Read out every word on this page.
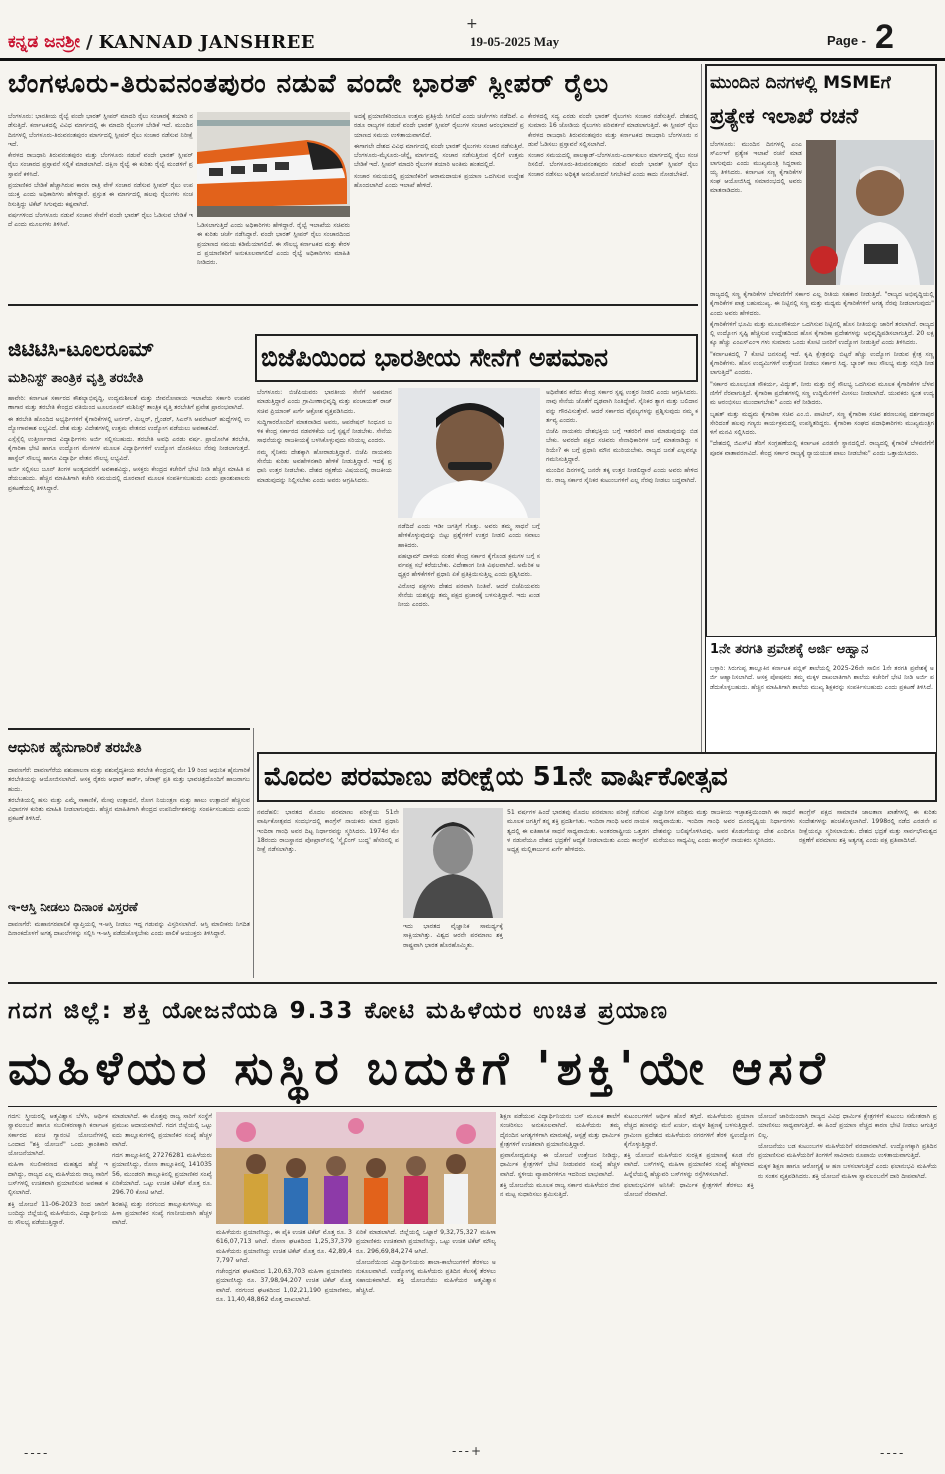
ಕನ್ನಡ ಜನಶ್ರೀ / KANNAD JANSHREE
+
19-05-2025 May	Page - 2
ಬೆಂಗಳೂರು-ತಿರುವನಂತಪುರಂ ನಡುವೆ ವಂದೇ ಭಾರತ್ ಸ್ಲೀಪರ್ ರೈಲು

ಬೆಂಗಳೂರು: ಭಾರತೀಯ ರೈಲ್ವೆ ವಂದೇ ಭಾರತ್ ಸ್ಲೀಪರ್ ಮಾದರಿ ರೈಲು ಸಂಚಾರಕ್ಕೆ ತಯಾರಿ ನಡೆಸುತ್ತಿದೆ. ಕರ್ನಾಟಕದಲ್ಲಿ ವಿವಿಧ ಮಾರ್ಗದಲ್ಲಿ ಈ ಮಾದರಿ ರೈಲುಗಳ ಬೇಡಿಕೆ ಇದೆ. ಮುಂದಿನ ದಿನಗಳಲ್ಲಿ ಬೆಂಗಳೂರು-ತಿರುವನಂತಪುರಂ ಮಾರ್ಗದಲ್ಲಿ ಸ್ಲೀಪರ್ ರೈಲು ಸಂಚಾರ ನಡೆಸುವ ನಿರೀಕ್ಷೆ ಇದೆ.

ಕೇರಳದ ರಾಜಧಾನಿ ತಿರುವನಂತಪುರಂ ಮತ್ತು ಬೆಂಗಳೂರು ನಡುವೆ ವಂದೇ ಭಾರತ್ ಸ್ಲೀಪರ್ ರೈಲು ಸಂಚಾರದ ಪ್ರಸ್ತಾವನೆ ಸಲ್ಲಿಕೆ ಮಾಡಲಾಗಿದೆ. ದಕ್ಷಿಣ ರೈಲ್ವೆ ಈ ಕುರಿತು ರೈಲ್ವೆ ಮಂಡಳಿಗೆ ಪ್ರಸ್ತಾವನೆ ಕಳಿಸಿದೆ.

ಪ್ರಯಾಣಿಕರ ಬೇಡಿಕೆ ಹೆಚ್ಚಾಗಿರುವ ಕಾರಣ ರಾತ್ರಿ ವೇಳೆ ಸಂಚಾರ ನಡೆಸುವ ಸ್ಲೀಪರ್ ರೈಲು ಉಪಯುಕ್ತ ಎಂದು ಅಧಿಕಾರಿಗಳು ಹೇಳಿದ್ದಾರೆ. ಪ್ರಸ್ತುತ ಈ ಮಾರ್ಗದಲ್ಲಿ ಹಲವು ರೈಲುಗಳು ಸಂಚರಿಸುತ್ತಿದ್ದು ಟಿಕೆಟ್ ಸಿಗುವುದು ಕಷ್ಟವಾಗಿದೆ.

ವರ್ಷಗಳಿಂದ ಬೆಂಗಳೂರು ನಡುವೆ ಸಂಚಾರ ಸೇವೆಗೆ ವಂದೇ ಭಾರತ್ ರೈಲು ಓಡಿಸುವ ಬೇಡಿಕೆ ಇದೆ ಎಂದು ಮೂಲಗಳು ತಿಳಿಸಿವೆ.	ಓಡಿಸಲಾಗುತ್ತಿದೆ ಎಂದು ಅಧಿಕಾರಿಗಳು ಹೇಳಿದ್ದಾರೆ. ರೈಲ್ವೆ ಇಲಾಖೆಯ ಸಚಿವರು ಈ ಕುರಿತು ಚರ್ಚೆ ನಡೆಸಿದ್ದಾರೆ. ವಂದೇ ಭಾರತ್ ಸ್ಲೀಪರ್ ರೈಲು ಸಂಚಾರದಿಂದ ಪ್ರಯಾಣದ ಸಮಯ ಕಡಿಮೆಯಾಗಲಿದೆ. ಈ ಸೌಲಭ್ಯ ಕರ್ನಾಟಕದ ಮತ್ತು ಕೇರಳದ ಪ್ರಯಾಣಿಕರಿಗೆ ಅನುಕೂಲವಾಗಲಿದೆ ಎಂದು ರೈಲ್ವೆ ಅಧಿಕಾರಿಗಳು ಮಾಹಿತಿ ನೀಡಿದರು.

ಅದಕ್ಕೆ ಪ್ರಯಾಣಿಕರಿಂದಲೂ ಉತ್ತಮ ಪ್ರತಿಕ್ರಿಯೆ ಸಿಗಲಿದೆ ಎಂದು ಚರ್ಚೆಗಳು ನಡೆದಿವೆ. ಎರಡೂ ರಾಜ್ಯಗಳ ನಡುವೆ ವಂದೇ ಭಾರತ್ ಸ್ಲೀಪರ್ ರೈಲುಗಳ ಸಂಚಾರ ಆರಂಭವಾದರೆ ಪ್ರಯಾಣದ ಸಮಯ ಉಳಿತಾಯವಾಗಲಿದೆ.

ಈಗಾಗಲೇ ದೇಶದ ವಿವಿಧ ಮಾರ್ಗದಲ್ಲಿ ವಂದೇ ಭಾರತ್ ರೈಲುಗಳು ಸಂಚಾರ ನಡೆಸುತ್ತಿವೆ. ಬೆಂಗಳೂರು-ಮೈಸೂರು-ಚೆನ್ನೈ ಮಾರ್ಗದಲ್ಲಿ ಸಂಚಾರ ನಡೆಸುತ್ತಿರುವ ರೈಲಿಗೆ ಉತ್ತಮ ಬೇಡಿಕೆ ಇದೆ. ಸ್ಲೀಪರ್ ಮಾದರಿ ರೈಲುಗಳ ತಯಾರಿ ಅಂತಿಮ ಹಂತದಲ್ಲಿದೆ.

ಸಂಚಾರ ಸಮಯದಲ್ಲಿ ಪ್ರಯಾಣಿಕರಿಗೆ ಆರಾಮದಾಯಕ ಪ್ರಯಾಣ ಒದಗಿಸುವ ಉದ್ದೇಶ ಹೊಂದಲಾಗಿದೆ ಎಂದು ಇಲಾಖೆ ಹೇಳಿದೆ.

ಕೇರಳದಲ್ಲಿ ಸದ್ಯ ಎರಡು ವಂದೇ ಭಾರತ್ ರೈಲುಗಳು ಸಂಚಾರ ನಡೆಸುತ್ತಿವೆ. ದೇಶದಲ್ಲಿ ಸುಮಾರು 16 ಜೋಡಿಯ ರೈಲುಗಳು ಪರಿವರ್ತನೆ ಮಾಡಲಾಗುತ್ತಿದೆ. ಈ ಸ್ಲೀಪರ್ ರೈಲು ಕೇರಳದ ರಾಜಧಾನಿ ತಿರುವನಂತಪುರಂ ಮತ್ತು ಕರ್ನಾಟಕದ ರಾಜಧಾನಿ ಬೆಂಗಳೂರು ನಡುವೆ ಓಡಿಸಲು ಪ್ರಸ್ತಾವನೆ ಸಲ್ಲಿಸಲಾಗಿದೆ.

ಸಂಚಾರ ಸಮಯದಲ್ಲಿ ಪಾಲಕ್ಕಾಡ್-ಬೆಂಗಳೂರು-ಎರ್ನಾಕುಲಂ ಮಾರ್ಗದಲ್ಲಿ ರೈಲು ಸಂಚರಿಸಲಿದೆ. ಬೆಂಗಳೂರು-ತಿರುವನಂತಪುರಂ ನಡುವೆ ವಂದೇ ಭಾರತ್ ಸ್ಲೀಪರ್ ರೈಲು ಸಂಚಾರ ನಡೆಸಲು ಅಧಿಕೃತ ಅನುಮೋದನೆ ಸಿಗಬೇಕಿದೆ ಎಂದು ಕಾದು ನೋಡಬೇಕಿದೆ.

ಮುಂದಿನ ದಿನಗಳಲ್ಲಿ MSMEಗೆ
ಪ್ರತ್ಯೇಕ ಇಲಾಖೆ ರಚನೆ

ಬೆಂಗಳೂರು: ಮುಂದಿನ ದಿನಗಳಲ್ಲಿ ಎಂಎಸ್‌ಎಂಇಗೆ ಪ್ರತ್ಯೇಕ ಇಲಾಖೆ ರಚನೆ ಮಾಡಲಾಗುವುದು ಎಂದು ಮುಖ್ಯಮಂತ್ರಿ ಸಿದ್ದರಾಮಯ್ಯ ತಿಳಿಸಿದರು. ಕರ್ನಾಟಕ ಸಣ್ಣ ಕೈಗಾರಿಕೆಗಳ ಸಂಘ ಆಯೋಜಿಸಿದ್ದ ಸಮಾರಂಭದಲ್ಲಿ ಅವರು ಮಾತನಾಡಿದರು.

ರಾಜ್ಯದಲ್ಲಿ ಸಣ್ಣ ಕೈಗಾರಿಕೆಗಳ ಬೆಳವಣಿಗೆಗೆ ಸರ್ಕಾರ ಎಲ್ಲ ರೀತಿಯ ಸಹಕಾರ ನೀಡುತ್ತಿದೆ. "ರಾಜ್ಯದ ಅಭಿವೃದ್ಧಿಯಲ್ಲಿ ಕೈಗಾರಿಕೆಗಳ ಪಾತ್ರ ಬಹುಮುಖ್ಯ. ಈ ನಿಟ್ಟಿನಲ್ಲಿ ಸಣ್ಣ ಮತ್ತು ಮಧ್ಯಮ ಕೈಗಾರಿಕೆಗಳಿಗೆ ಅಗತ್ಯ ನೆರವು ನೀಡಲಾಗುವುದು" ಎಂದು ಅವರು ಹೇಳಿದರು.

ಕೈಗಾರಿಕೆಗಳಿಗೆ ಭೂಮಿ ಮತ್ತು ಮೂಲಸೌಕರ್ಯ ಒದಗಿಸುವ ನಿಟ್ಟಿನಲ್ಲಿ ಹೊಸ ನೀತಿಯನ್ನು ಜಾರಿಗೆ ತರಲಾಗಿದೆ. ರಾಜ್ಯದಲ್ಲಿ ಉದ್ಯೋಗ ಸೃಷ್ಟಿ ಹೆಚ್ಚಿಸುವ ಉದ್ದೇಶದಿಂದ ಹೊಸ ಕೈಗಾರಿಕಾ ಪ್ರದೇಶಗಳನ್ನು ಅಭಿವೃದ್ಧಿಪಡಿಸಲಾಗುತ್ತಿದೆ. 20 ಲಕ್ಷಕ್ಕೂ ಹೆಚ್ಚು ಎಂಎಸ್‌ಎಂಇ ಗಳು ಸುಮಾರು ಒಂದು ಕೋಟಿ ಜನರಿಗೆ ಉದ್ಯೋಗ ನೀಡುತ್ತಿವೆ ಎಂದು ತಿಳಿಸಿದರು.

"ಕರ್ನಾಟಕದಲ್ಲಿ 7 ಕೋಟಿ ಜನಸಂಖ್ಯೆ ಇದೆ. ಕೃಷಿ ಕ್ಷೇತ್ರವನ್ನು ಬಿಟ್ಟರೆ ಹೆಚ್ಚು ಉದ್ಯೋಗ ನೀಡುವ ಕ್ಷೇತ್ರ ಸಣ್ಣ ಕೈಗಾರಿಕೆಗಳು. ಹೊಸ ಉದ್ಯಮಿಗಳಿಗೆ ಉತ್ತೇಜನ ನೀಡಲು ಸರ್ಕಾರ ಸಿದ್ಧ. ಬ್ಯಾಂಕ್ ಸಾಲ ಸೌಲಭ್ಯ ಮತ್ತು ಸಬ್ಸಿಡಿ ನೀಡಲಾಗುತ್ತಿದೆ" ಎಂದರು.

"ಸರ್ಕಾರ ಮೂಲಭೂತ ಸೌಕರ್ಯ, ವಿದ್ಯುತ್, ನೀರು ಮತ್ತು ರಸ್ತೆ ಸೌಲಭ್ಯ ಒದಗಿಸುವ ಮೂಲಕ ಕೈಗಾರಿಕೆಗಳ ಬೆಳವಣಿಗೆಗೆ ನೆರವಾಗುತ್ತಿದೆ. ಕೈಗಾರಿಕಾ ಪ್ರದೇಶಗಳಲ್ಲಿ ಸಣ್ಣ ಉದ್ದಿಮೆಗಳಿಗೆ ಮೀಸಲು ನೀಡಲಾಗಿದೆ. ಯುವಕರು ಸ್ವಂತ ಉದ್ಯಮ ಆರಂಭಿಸಲು ಮುಂದಾಗಬೇಕು" ಎಂದು ಕರೆ ನೀಡಿದರು.

ಬೃಹತ್ ಮತ್ತು ಮಧ್ಯಮ ಕೈಗಾರಿಕಾ ಸಚಿವ ಎಂ.ಬಿ. ಪಾಟೀಲ್, ಸಣ್ಣ ಕೈಗಾರಿಕಾ ಸಚಿವ ಶರಣಬಸಪ್ಪ ದರ್ಶನಾಪುರ ಸೇರಿದಂತೆ ಹಲವು ಗಣ್ಯರು ಕಾರ್ಯಕ್ರಮದಲ್ಲಿ ಉಪಸ್ಥಿತರಿದ್ದರು. ಕೈಗಾರಿಕಾ ಸಂಘದ ಪದಾಧಿಕಾರಿಗಳು ಮುಖ್ಯಮಂತ್ರಿಗಳಿಗೆ ಮನವಿ ಸಲ್ಲಿಸಿದರು.

"ದೇಶದಲ್ಲಿ ಜಿಎಸ್‌ಟಿ ತೆರಿಗೆ ಸಂಗ್ರಹಣೆಯಲ್ಲಿ ಕರ್ನಾಟಕ ಎರಡನೇ ಸ್ಥಾನದಲ್ಲಿದೆ. ರಾಜ್ಯದಲ್ಲಿ ಕೈಗಾರಿಕೆ ಬೆಳವಣಿಗೆಗೆ ಪೂರಕ ವಾತಾವರಣವಿದೆ. ಕೇಂದ್ರ ಸರ್ಕಾರ ರಾಜ್ಯಕ್ಕೆ ನ್ಯಾಯಯುತ ಪಾಲು ನೀಡಬೇಕು" ಎಂದು ಒತ್ತಾಯಿಸಿದರು.

1ನೇ ತರಗತಿ ಪ್ರವೇಶಕ್ಕೆ ಅರ್ಜಿ ಆಹ್ವಾನ

ಬಳ್ಳಾರಿ: ಸಿರುಗುಪ್ಪ ತಾಲ್ಲೂಕಿನ ಕರ್ನಾಟಕ ಪಬ್ಲಿಕ್ ಶಾಲೆಯಲ್ಲಿ 2025-26ನೇ ಸಾಲಿನ 1ನೇ ತರಗತಿ ಪ್ರವೇಶಕ್ಕೆ ಅರ್ಜಿ ಆಹ್ವಾನಿಸಲಾಗಿದೆ. ಆಸಕ್ತ ಪೋಷಕರು ತಮ್ಮ ಮಕ್ಕಳ ದಾಖಲಾತಿಗಾಗಿ ಶಾಲೆಯ ಕಚೇರಿಗೆ ಭೇಟಿ ನೀಡಿ ಅರ್ಜಿ ಪಡೆದುಕೊಳ್ಳಬಹುದು. ಹೆಚ್ಚಿನ ಮಾಹಿತಿಗಾಗಿ ಶಾಲೆಯ ಮುಖ್ಯ ಶಿಕ್ಷಕರನ್ನು ಸಂಪರ್ಕಿಸಬಹುದು ಎಂದು ಪ್ರಕಟಣೆ ತಿಳಿಸಿದೆ.

ಜಿಟಿಟಿಸಿ-ಟೂಲರೂಮ್
ಮಶಿನಿಸ್ಟ್ ತಾಂತ್ರಿಕ ವೃತ್ತಿ ತರಬೇತಿ

ಹಾವೇರಿ: ಕರ್ನಾಟಕ ಸರ್ಕಾರದ ಕೌಶಲ್ಯಾಭಿವೃದ್ಧಿ, ಉದ್ಯಮಶೀಲತೆ ಮತ್ತು ಜೀವನೋಪಾಯ ಇಲಾಖೆಯ ಸರ್ಕಾರಿ ಉಪಕರಣಾಗಾರ ಮತ್ತು ತರಬೇತಿ ಕೇಂದ್ರದ ವತಿಯಿಂದ ಟೂಲರೂಮ್ ಮಶಿನಿಸ್ಟ್ ತಾಂತ್ರಿಕ ವೃತ್ತಿ ತರಬೇತಿಗೆ ಪ್ರವೇಶ ಪ್ರಾರಂಭವಾಗಿದೆ.

ಈ ತರಬೇತಿ ಹೊಂದಿದ ಅಭ್ಯರ್ಥಿಗಳಿಗೆ ಕೈಗಾರಿಕೆಗಳಲ್ಲಿ ಟರ್ನರ್, ಮಿಲ್ಲರ್, ಗ್ರೈಂಡರ್, ಸಿಎನ್‌ಸಿ ಆಪರೇಟರ್ ಹುದ್ದೆಗಳಲ್ಲಿ ಉದ್ಯೋಗಾವಕಾಶ ಲಭ್ಯವಿದೆ. ದೇಶ ಮತ್ತು ವಿದೇಶಗಳಲ್ಲಿ ಉತ್ತಮ ವೇತನದ ಉದ್ಯೋಗ ಪಡೆಯಲು ಅವಕಾಶವಿದೆ.

ಎಸ್ಸೆಸ್ಸೆಲ್ಸಿ ಉತ್ತೀರ್ಣರಾದ ವಿದ್ಯಾರ್ಥಿಗಳು ಅರ್ಜಿ ಸಲ್ಲಿಸಬಹುದು. ತರಬೇತಿ ಅವಧಿ ಎರಡು ವರ್ಷ. ಪ್ರಾಯೋಗಿಕ ತರಬೇತಿ, ಕೈಗಾರಿಕಾ ಭೇಟಿ ಹಾಗೂ ಉದ್ಯೋಗ ಮೇಳಗಳ ಮೂಲಕ ವಿದ್ಯಾರ್ಥಿಗಳಿಗೆ ಉದ್ಯೋಗ ದೊರಕಿಸಲು ನೆರವು ನೀಡಲಾಗುತ್ತದೆ. ಹಾಸ್ಟೆಲ್ ಸೌಲಭ್ಯ ಹಾಗೂ ವಿದ್ಯಾರ್ಥಿ ವೇತನ ಸೌಲಭ್ಯ ಲಭ್ಯವಿದೆ.

ಅರ್ಜಿ ಸಲ್ಲಿಸಲು ಜೂನ್ ತಿಂಗಳ ಅಂತ್ಯದವರೆಗೆ ಅವಕಾಶವಿದ್ದು, ಆಸಕ್ತರು ಕೇಂದ್ರದ ಕಚೇರಿಗೆ ಭೇಟಿ ನೀಡಿ ಹೆಚ್ಚಿನ ಮಾಹಿತಿ ಪಡೆಯಬಹುದು. ಹೆಚ್ಚಿನ ಮಾಹಿತಿಗಾಗಿ ಕಚೇರಿ ಸಮಯದಲ್ಲಿ ದೂರವಾಣಿ ಮೂಲಕ ಸಂಪರ್ಕಿಸಬಹುದು ಎಂದು ಪ್ರಾಂಶುಪಾಲರು ಪ್ರಕಟಣೆಯಲ್ಲಿ ತಿಳಿಸಿದ್ದಾರೆ.

ಬಿಜೆಪಿಯಿಂದ ಭಾರತೀಯ ಸೇನೆಗೆ ಅಪಮಾನ

ಬೆಂಗಳೂರು: ಬಿಜೆಪಿಯವರು ಭಾರತೀಯ ಸೇನೆಗೆ ಅಪಮಾನ ಮಾಡುತ್ತಿದ್ದಾರೆ ಎಂದು ಗ್ರಾಮೀಣಾಭಿವೃದ್ಧಿ ಮತ್ತು ಪಂಚಾಯತ್ ರಾಜ್ ಸಚಿವ ಪ್ರಿಯಾಂಕ್ ಖರ್ಗೆ ಆಕ್ರೋಶ ವ್ಯಕ್ತಪಡಿಸಿದರು.

ಸುದ್ದಿಗಾರರೊಂದಿಗೆ ಮಾತನಾಡಿದ ಅವರು, ಆಪರೇಷನ್ ಸಿಂಧೂರ ಬಳಿಕ ಕೇಂದ್ರ ಸರ್ಕಾರದ ನಡವಳಿಕೆಯ ಬಗ್ಗೆ ಸ್ಪಷ್ಟನೆ ನೀಡಬೇಕು. ಸೇನೆಯ ಸಾಧನೆಯನ್ನು ರಾಜಕೀಯಕ್ಕೆ ಬಳಸಿಕೊಳ್ಳುವುದು ಸರಿಯಲ್ಲ ಎಂದರು.

ನಮ್ಮ ಸೈನಿಕರು ದೇಶಕ್ಕಾಗಿ ಹೋರಾಡುತ್ತಿದ್ದಾರೆ. ಬಿಜೆಪಿ ನಾಯಕರು ಸೇನೆಯ ಕುರಿತು ಅವಹೇಳನಕಾರಿ ಹೇಳಿಕೆ ನೀಡುತ್ತಿದ್ದಾರೆ. ಇದಕ್ಕೆ ಪ್ರಧಾನಿ ಉತ್ತರ ನೀಡಬೇಕು. ದೇಶದ ರಕ್ಷಣೆಯ ವಿಷಯದಲ್ಲಿ ರಾಜಕೀಯ ಮಾಡುವುದನ್ನು ನಿಲ್ಲಿಸಬೇಕು ಎಂದು ಅವರು ಆಗ್ರಹಿಸಿದರು.

ನಡೆದಿದೆ ಎಂದು ಇಡೀ ಜಗತ್ತಿಗೆ ಗೊತ್ತು. ಅವರು ತಮ್ಮ ಸಾಧನೆ ಬಗ್ಗೆ ಹೇಳಿಕೊಳ್ಳುವುದನ್ನು ಬಿಟ್ಟು ಪ್ರಶ್ನೆಗಳಿಗೆ ಉತ್ತರ ನೀಡಲಿ ಎಂದು ಸವಾಲು ಹಾಕಿದರು.

ಪಹಲ್ಗಾಮ್ ದಾಳಿಯ ನಂತರ ಕೇಂದ್ರ ಸರ್ಕಾರ ಕೈಗೊಂಡ ಕ್ರಮಗಳ ಬಗ್ಗೆ ಸರ್ವಪಕ್ಷ ಸಭೆ ಕರೆಯಬೇಕು. ವಿದೇಶಾಂಗ ನೀತಿ ವಿಫಲವಾಗಿದೆ. ಅಮೆರಿಕ ಅಧ್ಯಕ್ಷರ ಹೇಳಿಕೆಗಳಿಗೆ ಪ್ರಧಾನಿ ಏಕೆ ಪ್ರತಿಕ್ರಿಯಿಸುತ್ತಿಲ್ಲ ಎಂದು ಪ್ರಶ್ನಿಸಿದರು.

ವಿರೋಧ ಪಕ್ಷಗಳು ದೇಶದ ಪರವಾಗಿ ನಿಂತಿವೆ. ಆದರೆ ಬಿಜೆಪಿಯವರು ಸೇನೆಯ ಯಶಸ್ಸನ್ನು ತಮ್ಮ ಪಕ್ಷದ ಪ್ರಚಾರಕ್ಕೆ ಬಳಸುತ್ತಿದ್ದಾರೆ. ಇದು ಖಂಡನೀಯ ಎಂದರು.

ಅಧಿವೇಶನ ಕರೆದು ಕೇಂದ್ರ ಸರ್ಕಾರ ಸ್ಪಷ್ಟ ಉತ್ತರ ನೀಡಲಿ ಎಂದು ಆಗ್ರಹಿಸಿದರು. ನಾವು ಸೇನೆಯ ಜೊತೆಗೆ ದೃಢವಾಗಿ ನಿಂತಿದ್ದೇವೆ. ಸೈನಿಕರ ತ್ಯಾಗ ಮತ್ತು ಬಲಿದಾನವನ್ನು ಗೌರವಿಸುತ್ತೇವೆ. ಆದರೆ ಸರ್ಕಾರದ ವೈಫಲ್ಯಗಳನ್ನು ಪ್ರಶ್ನಿಸುವುದು ನಮ್ಮ ಕರ್ತವ್ಯ ಎಂದರು.

ಬಿಜೆಪಿ ನಾಯಕರು ದೇಶಭಕ್ತಿಯ ಬಗ್ಗೆ ಇತರರಿಗೆ ಪಾಠ ಮಾಡುವುದನ್ನು ಬಿಡಬೇಕು. ಅವರದೇ ಪಕ್ಷದ ಸಚಿವರು ಸೇನಾಧಿಕಾರಿಗಳ ಬಗ್ಗೆ ಮಾತನಾಡಿದ್ದು ಸರಿಯೇ? ಈ ಬಗ್ಗೆ ಪ್ರಧಾನಿ ಮೌನ ಮುರಿಯಬೇಕು. ರಾಜ್ಯದ ಜನತೆ ಎಲ್ಲವನ್ನೂ ಗಮನಿಸುತ್ತಿದ್ದಾರೆ.

ಮುಂದಿನ ದಿನಗಳಲ್ಲಿ ಜನರೇ ತಕ್ಕ ಉತ್ತರ ನೀಡಲಿದ್ದಾರೆ ಎಂದು ಅವರು ಹೇಳಿದರು. ರಾಜ್ಯ ಸರ್ಕಾರ ಸೈನಿಕರ ಕುಟುಂಬಗಳಿಗೆ ಎಲ್ಲ ನೆರವು ನೀಡಲು ಬದ್ಧವಾಗಿದೆ.

ಆಧುನಿಕ ಹೈನುಗಾರಿಕೆ ತರಬೇತಿ

ದಾವಣಗೆರೆ: ದಾವಣಗೆರೆಯ ಪಶುಪಾಲನಾ ಮತ್ತು ಪಶುವೈದ್ಯಕೀಯ ತರಬೇತಿ ಕೇಂದ್ರದಲ್ಲಿ ಮೇ 19 ರಿಂದ ಆಧುನಿಕ ಹೈನುಗಾರಿಕೆ ತರಬೇತಿಯನ್ನು ಆಯೋಜಿಸಲಾಗಿದೆ. ಆಸಕ್ತ ರೈತರು ಆಧಾರ್ ಕಾರ್ಡ್, ಜೆರಾಕ್ಸ್ ಪ್ರತಿ ಮತ್ತು ಭಾವಚಿತ್ರದೊಂದಿಗೆ ಹಾಜರಾಗಬಹುದು.

ತರಬೇತಿಯಲ್ಲಿ ಹಸು ಮತ್ತು ಎಮ್ಮೆ ಸಾಕಾಣಿಕೆ, ಮೇವು ಉತ್ಪಾದನೆ, ರೋಗ ನಿಯಂತ್ರಣ ಮತ್ತು ಹಾಲು ಉತ್ಪಾದನೆ ಹೆಚ್ಚಿಸುವ ವಿಧಾನಗಳ ಕುರಿತು ಮಾಹಿತಿ ನೀಡಲಾಗುವುದು. ಹೆಚ್ಚಿನ ಮಾಹಿತಿಗಾಗಿ ಕೇಂದ್ರದ ಉಪನಿರ್ದೇಶಕರನ್ನು ಸಂಪರ್ಕಿಸಬಹುದು ಎಂದು ಪ್ರಕಟಣೆ ತಿಳಿಸಿದೆ.

ಇ-ಆಸ್ತಿ ನೀಡಲು ದಿನಾಂಕ ವಿಸ್ತರಣೆ

ದಾವಣಗೆರೆ: ಮಹಾನಗರಪಾಲಿಕೆ ವ್ಯಾಪ್ತಿಯಲ್ಲಿ ಇ-ಆಸ್ತಿ ನೀಡಲು ಇದ್ದ ಗಡುವನ್ನು ವಿಸ್ತರಿಸಲಾಗಿದೆ. ಆಸ್ತಿ ಮಾಲೀಕರು ನಿಗದಿತ ದಿನಾಂಕದೊಳಗೆ ಅಗತ್ಯ ದಾಖಲೆಗಳನ್ನು ಸಲ್ಲಿಸಿ ಇ-ಆಸ್ತಿ ಪಡೆದುಕೊಳ್ಳಬೇಕು ಎಂದು ಪಾಲಿಕೆ ಆಯುಕ್ತರು ತಿಳಿಸಿದ್ದಾರೆ.

ಮೊದಲ ಪರಮಾಣು ಪರೀಕ್ಷೆಯ 51ನೇ ವಾರ್ಷಿಕೋತ್ಸವ

ನವದೆಹಲಿ: ಭಾರತದ ಮೊದಲ ಪರಮಾಣು ಪರೀಕ್ಷೆಯ 51ನೇ ವಾರ್ಷಿಕೋತ್ಸವದ ಸಂದರ್ಭದಲ್ಲಿ ಕಾಂಗ್ರೆಸ್ ನಾಯಕರು ಮಾಜಿ ಪ್ರಧಾನಿ ಇಂದಿರಾ ಗಾಂಧಿ ಅವರ ದಿಟ್ಟ ನಿರ್ಧಾರವನ್ನು ಸ್ಮರಿಸಿದರು. 1974ರ ಮೇ 18ರಂದು ರಾಜಸ್ಥಾನದ ಪೋಖ್ರಾನ್‌ನಲ್ಲಿ 'ಸ್ಮೈಲಿಂಗ್ ಬುದ್ಧ' ಹೆಸರಿನಲ್ಲಿ ಪರೀಕ್ಷೆ ನಡೆಸಲಾಗಿತ್ತು.

ಇದು ಭಾರತದ ವೈಜ್ಞಾನಿಕ ಸಾಮರ್ಥ್ಯಕ್ಕೆ ಸಾಕ್ಷಿಯಾಗಿತ್ತು. ವಿಶ್ವದ ಆರನೇ ಪರಮಾಣು ಶಕ್ತ ರಾಷ್ಟ್ರವಾಗಿ ಭಾರತ ಹೊರಹೊಮ್ಮಿತು.

51 ವರ್ಷಗಳ ಹಿಂದೆ ಭಾರತವು ಮೊದಲ ಪರಮಾಣು ಪರೀಕ್ಷೆ ನಡೆಸುವ ಮೂಲಕ ಜಗತ್ತಿಗೆ ತನ್ನ ಶಕ್ತಿ ಪ್ರದರ್ಶಿಸಿತು. ಇಂದಿರಾ ಗಾಂಧಿ ಅವರ ನಾಯಕತ್ವದಲ್ಲಿ ಈ ಐತಿಹಾಸಿಕ ಸಾಧನೆ ಸಾಧ್ಯವಾಯಿತು. ಅಂತರರಾಷ್ಟ್ರೀಯ ಒತ್ತಡಗಳ ನಡುವೆಯೂ ದೇಶದ ಭದ್ರತೆಗೆ ಆದ್ಯತೆ ನೀಡಲಾಯಿತು ಎಂದು ಕಾಂಗ್ರೆಸ್ ಅಧ್ಯಕ್ಷ ಮಲ್ಲಿಕಾರ್ಜುನ ಖರ್ಗೆ ಹೇಳಿದರು.

ವಿಜ್ಞಾನಿಗಳ ಪರಿಶ್ರಮ ಮತ್ತು ರಾಜಕೀಯ ಇಚ್ಛಾಶಕ್ತಿಯಿಂದಾಗಿ ಈ ಸಾಧನೆ ಸಾಧ್ಯವಾಯಿತು. ಇಂದಿರಾ ಗಾಂಧಿ ಅವರ ದೂರದೃಷ್ಟಿಯ ನಿರ್ಧಾರಗಳು ದೇಶವನ್ನು ಬಲಿಷ್ಠಗೊಳಿಸಿದವು. ಅವರ ಕೊಡುಗೆಯನ್ನು ದೇಶ ಎಂದಿಗೂ ಮರೆಯಲು ಸಾಧ್ಯವಿಲ್ಲ ಎಂದು ಕಾಂಗ್ರೆಸ್ ನಾಯಕರು ಸ್ಮರಿಸಿದರು.

ಕಾಂಗ್ರೆಸ್ ಪಕ್ಷದ ಸಾಮಾಜಿಕ ಜಾಲತಾಣ ಖಾತೆಗಳಲ್ಲಿ ಈ ಕುರಿತು ಸಂದೇಶಗಳನ್ನು ಹಂಚಿಕೊಳ್ಳಲಾಗಿದೆ. 1998ರಲ್ಲಿ ನಡೆದ ಎರಡನೇ ಪರೀಕ್ಷೆಯನ್ನೂ ಸ್ಮರಿಸಲಾಯಿತು. ದೇಶದ ಭದ್ರತೆ ಮತ್ತು ಸಾರ್ವಭೌಮತ್ವದ ರಕ್ಷಣೆಗೆ ಪರಮಾಣು ಶಕ್ತಿ ಅತ್ಯಗತ್ಯ ಎಂದು ಪಕ್ಷ ಪ್ರತಿಪಾದಿಸಿದೆ.

ಗದಗ ಜಿಲ್ಲೆ: ಶಕ್ತಿ ಯೋಜನೆಯಡಿ 9.33 ಕೋಟಿ ಮಹಿಳೆಯರ ಉಚಿತ ಪ್ರಯಾಣ
ಮಹಿಳೆಯರ ಸುಸ್ಥಿರ ಬದುಕಿಗೆ 'ಶಕ್ತಿ'ಯೇ ಆಸರೆ

ಗದಗ: ಸ್ತ್ರೀಯರಲ್ಲಿ ಆತ್ಮವಿಶ್ವಾಸ ಬೆಳೆಸಿ, ಆರ್ಥಿಕ ಸ್ವಾವಲಂಬನೆ ಹಾಗೂ ಸಬಲೀಕರಣಕ್ಕಾಗಿ ಕರ್ನಾಟಕ ಸರ್ಕಾರದ ಪಂಚ ಗ್ಯಾರಂಟಿ ಯೋಜನೆಗಳಲ್ಲಿ ಒಂದಾದ "ಶಕ್ತಿ ಯೋಜನೆ" ಒಂದು ಕ್ರಾಂತಿಕಾರಿ ಯೋಜನೆಯಾಗಿದೆ.

ಮಹಿಳಾ ಸಬಲೀಕರಣದ ಮಹತ್ವದ ಹೆಜ್ಜೆ ಇದಾಗಿದ್ದು, ರಾಜ್ಯದ ಎಲ್ಲ ಮಹಿಳೆಯರು ರಾಜ್ಯ ಸಾರಿಗೆ ಬಸ್‌ಗಳಲ್ಲಿ ಉಚಿತವಾಗಿ ಪ್ರಯಾಣಿಸುವ ಅವಕಾಶ ಕಲ್ಪಿಸಲಾಗಿದೆ.

ಶಕ್ತಿ ಯೋಜನೆ 11-06-2023 ರಿಂದ ಜಾರಿಗೆ ಬಂದಿದ್ದು ಜಿಲ್ಲೆಯಲ್ಲಿ ಮಹಿಳೆಯರು, ವಿದ್ಯಾರ್ಥಿನಿಯರು ಸೌಲಭ್ಯ ಪಡೆಯುತ್ತಿದ್ದಾರೆ.

ಮಾಡಲಾಗಿದೆ. ಈ ಮೊತ್ತವು ರಾಜ್ಯ ಸಾರಿಗೆ ಸಂಸ್ಥೆಗೆ ಪ್ರಮುಖ ಆದಾಯವಾಗಿದೆ. ಗದಗ ಜಿಲ್ಲೆಯಲ್ಲಿ ಒಟ್ಟು ಐದು ತಾಲ್ಲೂಕುಗಳಲ್ಲಿ ಪ್ರಯಾಣಿಕರ ಸಂಖ್ಯೆ ಹೆಚ್ಚಳವಾಗಿದೆ.

ಗದಗ ತಾಲ್ಲೂಕಿನಲ್ಲಿ 27276281 ಮಹಿಳೆಯರು ಪ್ರಯಾಣಿಸಿದ್ದು, ರೋಣ ತಾಲ್ಲೂಕಿನಲ್ಲಿ 14103556, ಮುಂಡರಗಿ ತಾಲ್ಲೂಕಿನಲ್ಲಿ ಪ್ರಯಾಣಿಕರ ಸಂಖ್ಯೆ ಏರಿಕೆಯಾಗಿದೆ. ಒಟ್ಟು ಉಚಿತ ಟಿಕೆಟ್ ಮೊತ್ತ ರೂ. 296.70 ಕೋಟಿ ಆಗಿದೆ.

ಶಿರಹಟ್ಟಿ ಮತ್ತು ನರಗುಂದ ತಾಲ್ಲೂಕುಗಳಲ್ಲೂ ಮಹಿಳಾ ಪ್ರಯಾಣಿಕರ ಸಂಖ್ಯೆ ಗಣನೀಯವಾಗಿ ಹೆಚ್ಚಳವಾಗಿದೆ.

ಮಹಿಳೆಯರು ಪ್ರಯಾಣಿಸಿದ್ದು, ಈ ಪೈಕಿ ಉಚಿತ ಟಿಕೆಟ್ ಮೊತ್ತ ರೂ. 3616,07,713 ಆಗಿದೆ. ರೋಣ ಘಟಕದಿಂದ 1,25,37,379 ಮಹಿಳೆಯರು ಪ್ರಯಾಣಿಸಿದ್ದು ಉಚಿತ ಟಿಕೆಟ್ ಮೊತ್ತ ರೂ. 42,89,47,797 ಆಗಿದೆ.

ಗಜೇಂದ್ರಗಡ ಘಟಕದಿಂದ 1,20,63,703 ಮಹಿಳಾ ಪ್ರಯಾಣಿಕರು ಪ್ರಯಾಣಿಸಿದ್ದು ರೂ. 37,98,94,207 ಉಚಿತ ಟಿಕೆಟ್ ಮೊತ್ತವಾಗಿದೆ. ನರಗುಂದ ಘಟಕದಿಂದ 1,02,21,190 ಪ್ರಯಾಣಿಕರು, ರೂ. 11,40,48,862 ಮೊತ್ತ ದಾಖಲಾಗಿದೆ.

ಏರಿಕೆ ಮಾಡಲಾಗಿದೆ. ಜಿಲ್ಲೆಯಲ್ಲಿ ಒಟ್ಟಾರೆ 9,32,75,327 ಮಹಿಳಾ ಪ್ರಯಾಣಿಕರು ಉಚಿತವಾಗಿ ಪ್ರಯಾಣಿಸಿದ್ದು, ಒಟ್ಟು ಉಚಿತ ಟಿಕೆಟ್ ಮೌಲ್ಯ ರೂ. 296,69,84,274 ಆಗಿದೆ.

ಯೋಜನೆಯಿಂದ ವಿದ್ಯಾರ್ಥಿನಿಯರು ಶಾಲಾ-ಕಾಲೇಜುಗಳಿಗೆ ತೆರಳಲು ಅನುಕೂಲವಾಗಿದೆ. ಉದ್ಯೋಗಸ್ಥ ಮಹಿಳೆಯರು ಪ್ರತಿದಿನ ಕೆಲಸಕ್ಕೆ ತೆರಳಲು ಸಹಾಯಕವಾಗಿದೆ. ಶಕ್ತಿ ಯೋಜನೆಯು ಮಹಿಳೆಯರ ಆತ್ಮವಿಶ್ವಾಸ ಹೆಚ್ಚಿಸಿದೆ.

ಶಿಕ್ಷಣ ಪಡೆಯುವ ವಿದ್ಯಾರ್ಥಿನಿಯರು ಬಸ್ ಮೂಲಕ ಶಾಲೆಗೆ ಸಂಚರಿಸಲು ಅನುಕೂಲವಾಗಿದೆ. ಮಹಿಳೆಯರು ತಮ್ಮ ದೈನಂದಿನ ಅಗತ್ಯಗಳಿಗಾಗಿ ಮಾರುಕಟ್ಟೆ, ಆಸ್ಪತ್ರೆ ಮತ್ತು ಧಾರ್ಮಿಕ ಕ್ಷೇತ್ರಗಳಿಗೆ ಉಚಿತವಾಗಿ ಪ್ರಯಾಣಿಸುತ್ತಿದ್ದಾರೆ.

ಪ್ರವಾಸೋದ್ಯಮಕ್ಕೂ ಈ ಯೋಜನೆ ಉತ್ತೇಜನ ನೀಡಿದ್ದು, ಧಾರ್ಮಿಕ ಕ್ಷೇತ್ರಗಳಿಗೆ ಭೇಟಿ ನೀಡುವವರ ಸಂಖ್ಯೆ ಹೆಚ್ಚಳವಾಗಿದೆ. ಸ್ಥಳೀಯ ವ್ಯಾಪಾರಿಗಳಿಗೂ ಇದರಿಂದ ಲಾಭವಾಗಿದೆ.

ಶಕ್ತಿ ಯೋಜನೆಯ ಮೂಲಕ ರಾಜ್ಯ ಸರ್ಕಾರ ಮಹಿಳೆಯರ ಜೀವನ ಮಟ್ಟ ಸುಧಾರಿಸಲು ಶ್ರಮಿಸುತ್ತಿದೆ.

ಕುಟುಂಬಗಳಿಗೆ ಆರ್ಥಿಕ ಹೊರೆ ತಗ್ಗಿದೆ. ಮಹಿಳೆಯರು ಪ್ರಯಾಣ ವೆಚ್ಚದ ಹಣವನ್ನು ಮನೆ ಖರ್ಚು, ಮಕ್ಕಳ ಶಿಕ್ಷಣಕ್ಕೆ ಬಳಸುತ್ತಿದ್ದಾರೆ. ಗ್ರಾಮೀಣ ಪ್ರದೇಶದ ಮಹಿಳೆಯರು ನಗರಗಳಿಗೆ ತೆರಳಿ ಸ್ವಉದ್ಯೋಗ ಕೈಗೊಳ್ಳುತ್ತಿದ್ದಾರೆ.

ಶಕ್ತಿ ಯೋಜನೆ ಮಹಿಳೆಯರ ಸುರಕ್ಷಿತ ಪ್ರಯಾಣಕ್ಕೆ ಕೂಡ ನೆರವಾಗಿದೆ. ಬಸ್‌ಗಳಲ್ಲಿ ಮಹಿಳಾ ಪ್ರಯಾಣಿಕರ ಸಂಖ್ಯೆ ಹೆಚ್ಚಳವಾದ ಹಿನ್ನೆಲೆಯಲ್ಲಿ ಹೆಚ್ಚುವರಿ ಬಸ್‌ಗಳನ್ನು ರಸ್ತೆಗಿಳಿಸಲಾಗಿದೆ.

ಫಲಾನುಭವಿಗಳ ಅನಿಸಿಕೆ: ಧಾರ್ಮಿಕ ಕ್ಷೇತ್ರಗಳಿಗೆ ತೆರಳಲು ಶಕ್ತಿ ಯೋಜನೆ ನೆರವಾಗಿದೆ.

ಯೋಜನೆ ಜಾರಿಯಿಂದಾಗಿ ರಾಜ್ಯದ ವಿವಿಧ ಧಾರ್ಮಿಕ ಕ್ಷೇತ್ರಗಳಿಗೆ ಕುಟುಂಬ ಸಮೇತರಾಗಿ ಪ್ರಯಾಣಿಸಲು ಸಾಧ್ಯವಾಗುತ್ತಿದೆ. ಈ ಹಿಂದೆ ಪ್ರಯಾಣ ವೆಚ್ಚದ ಕಾರಣ ಭೇಟಿ ನೀಡಲು ಆಗುತ್ತಿರಲಿಲ್ಲ.

ಯೋಜನೆಯು ಬಡ ಕುಟುಂಬಗಳ ಮಹಿಳೆಯರಿಗೆ ವರದಾನವಾಗಿದೆ. ಉದ್ಯೋಗಕ್ಕಾಗಿ ಪ್ರತಿದಿನ ಪ್ರಯಾಣಿಸುವ ಮಹಿಳೆಯರಿಗೆ ತಿಂಗಳಿಗೆ ಸಾವಿರಾರು ರೂಪಾಯಿ ಉಳಿತಾಯವಾಗುತ್ತಿದೆ.

ಮಕ್ಕಳ ಶಿಕ್ಷಣ ಹಾಗೂ ಆರೋಗ್ಯಕ್ಕೆ ಆ ಹಣ ಬಳಸಲಾಗುತ್ತಿದೆ ಎಂದು ಫಲಾನುಭವಿ ಮಹಿಳೆಯರು ಸಂತಸ ವ್ಯಕ್ತಪಡಿಸಿದರು. ಶಕ್ತಿ ಯೋಜನೆ ಮಹಿಳಾ ಸ್ವಾವಲಂಬನೆಗೆ ದಾರಿ ದೀಪವಾಗಿದೆ.

----	---+	----
